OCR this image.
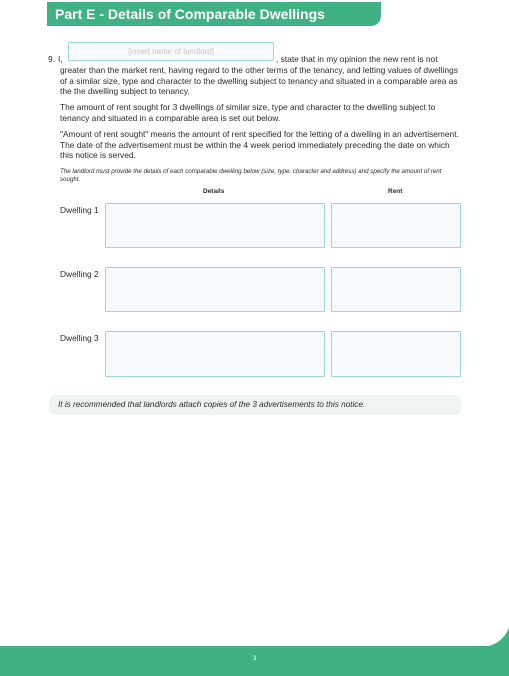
Part E - Details of Comparable Dwellings
9. I,
[insert name of landlord]	, state that in my opinion the new rent is not
greater than the market rent, having regard to the other terms of the tenancy, and letting values of dwellings of a similar size, type and character to the dwelling subject to tenancy and situated in a comparable area as the the dwelling subject to tenancy.
The amount of rent sought for 3 dwellings of similar size, type and character to the dwelling subject to tenancy and situated in a comparable area is set out below.
"Amount of rent sought" means the amount of rent specified for the letting of a dwelling in an advertisement. The date of the advertisement must be within the 4 week period immediately preceding the date on which this notice is served.
The landlord must provide the details of each comparable dwelling below (size, type, character and address) and specify the amount of rent sought.
Details	Rent
Dwelling 1
Dwelling 2
Dwelling 3
It is recommended that landlords attach copies of the 3 advertisements to this notice.
3
